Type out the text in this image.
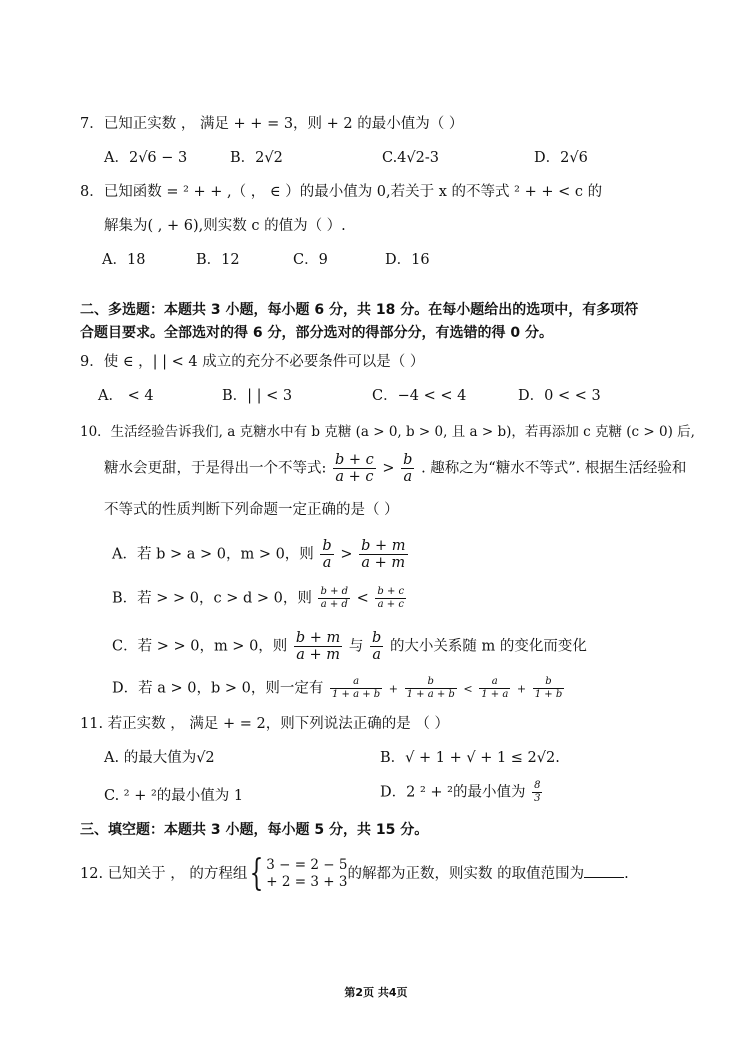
7．已知正实数 ， 满足 + + = 3，则 + 2 的最小值为（ ）
A．2√6 − 3	B．2√2	C.4√2-3	D．2√6
8．已知函数 = ² + + ,（ ， ∈ ）的最小值为 0,若关于 x 的不等式 ² + + < c 的
解集为( , + 6),则实数 c 的值为（ ）.
A．18	B．12	C．9	D．16
二、多选题：本题共 3 小题，每小题 6 分，共 18 分。在每小题给出的选项中，有多项符
合题目要求。全部选对的得 6 分，部分选对的得部分分，有选错的得 0 分。
9．使 ∈ ，| | < 4 成立的充分不必要条件可以是（ ）
A． < 4	B．| | < 3	C．−4 < < 4	D．0 < < 3
10．生活经验告诉我们, a 克糖水中有 b 克糖 (a > 0, b > 0, 且 a > b)，若再添加 c 克糖 (c > 0) 后,
糖水会更甜，于是得出一个不等式: $\frac{b + c}{a + c} > \frac{b}{a}$ . 趣称之为“糖水不等式”. 根据生活经验和
不等式的性质判断下列命题一定正确的是（ ）
A．若 b > a > 0，m > 0，则 $\frac{b}{a} > \frac{b + m}{a + m}$
B．若 > > 0，c > d > 0，则 $\frac{b + d}{a + d} < \frac{b + c}{a + c}$
C．若 > > 0，m > 0，则 $\frac{b + m}{a + m}$ 与 $\frac{b}{a}$ 的大小关系随 m 的变化而变化
D．若 a > 0，b > 0，则一定有 $\frac{a}{1 + a + b} + \frac{b}{1 + a + b} < \frac{a}{1 + a} + \frac{b}{1 + b}$
11. 若正实数 ， 满足 + = 2，则下列说法正确的是 （ ）
A. 的最大值为√2	B．√ + 1 + √ + 1 ≤ 2√2.
C. ² + ²的最小值为 1	D．2 ² + ²的最小值为 $\frac{8}{3}$
三、填空题：本题共 3 小题，每小题 5 分，共 15 分。
12. 已知关于 ， 的方程组{ 3 − = 2 − 5
+ 2 = 3 + 3 的解都为正数，则实数 的取值范围为	.
第2页 共4页
